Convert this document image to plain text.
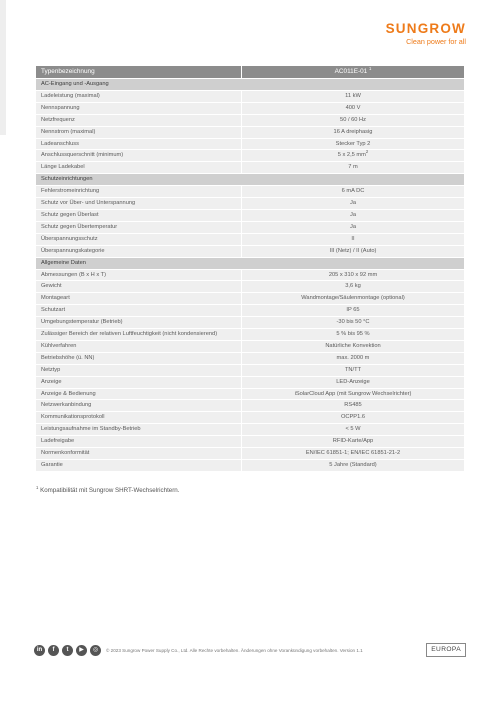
SUNGROW
Clean power for all
Typenbezeichnung	AC011E-01 $^1$
AC-Eingang und -Ausgang	
Ladeleistung (maximal)	11 kW
Nennspannung	400 V
Netzfrequenz	50 / 60 Hz
Nennstrom (maximal)	16 A dreiphasig
Ladeanschluss	Stecker Typ 2
Anschlussquerschnitt (minimum)	5 x 2,5 $mm^2$
Länge Ladekabel	7 m
Schutzeinrichtungen	
Fehlerstromeinrichtung	6 mA DC
Schutz vor Über- und Unterspannung	Ja
Schutz gegen Überlast	Ja
Schutz gegen Übertemperatur	Ja
Überspannungsschutz	II
Überspannungskategorie	III (Netz) / II (Auto)
Allgemeine Daten	
Abmessungen (B x H x T)	205 x 310 x 92 mm
Gewicht	3,6 kg
Montageart	Wandmontage/Säulenmontage (optional)
Schutzart	IP 65
Umgebungstemperatur (Betrieb)	-30 bis 50 °C
Zulässiger Bereich der relativen Luftfeuchtigkeit (nicht kondensierend)	5 % bis 95 %
Kühlverfahren	Natürliche Konvektion
Betriebshöhe (ü. NN)	max. 2000 m
Netztyp	TN/TT
Anzeige	LED-Anzeige
Anzeige & Bedienung	iSolarCloud App (mit Sungrow Wechselrichter)
Netzwerkanbindung	RS485
Kommunikationsprotokoll	OCPP1.6
Leistungsaufnahme im Standby-Betrieb	< 5 W
Ladefreigabe	RFID-Karte/App
Normenkonformität	EN/IEC 61851-1; EN/IEC 61851-21-2
Garantie	5 Jahre (Standard)
$^1$ Kompatibilität mit Sungrow SHRT-Wechselrichtern.
in	f	t	▶	◎	© 2023 Sungrow Power Supply Co., Ltd. Alle Rechte vorbehalten. Änderungen ohne Vorankündigung vorbehalten. Version 1.1	EUROPA
